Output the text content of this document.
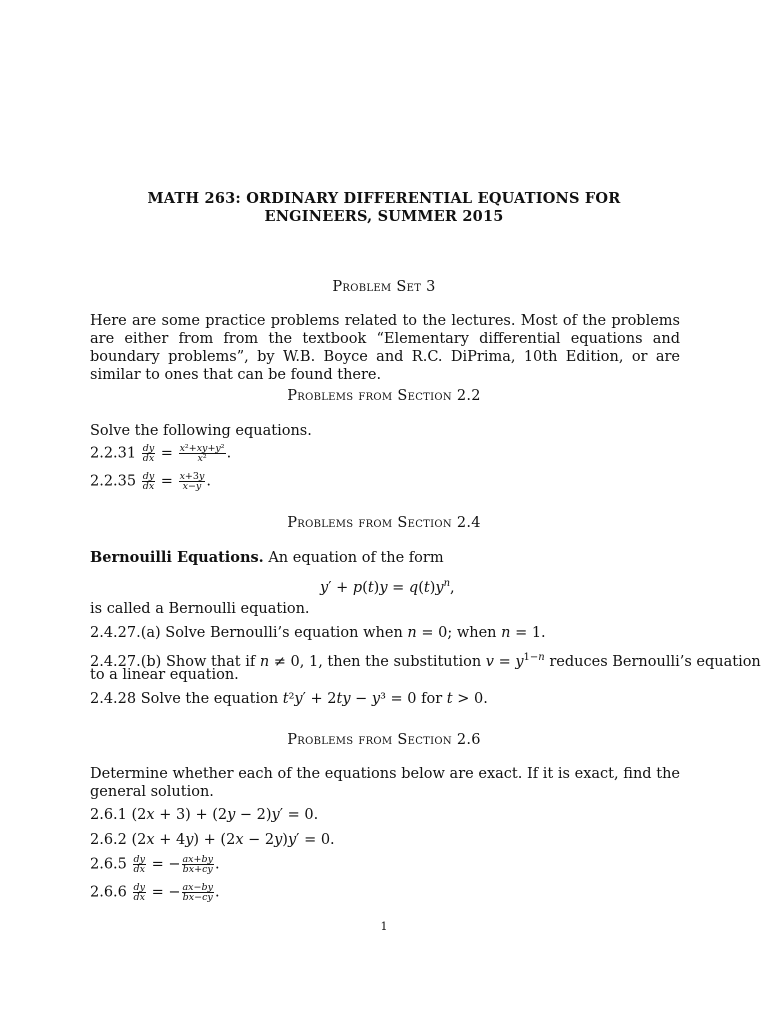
MATH 263: ORDINARY DIFFERENTIAL EQUATIONS FOR
ENGINEERS, SUMMER 2015
Problem Set 3
Here are some practice problems related to the lectures. Most of the problems are either from from the textbook “Elementary differential equations and boundary problems”, by W.B. Boyce and R.C. DiPrima, 10th Edition, or are similar to ones that can be found there.
Problems from Section 2.2
Solve the following equations.
$2.2.31 \frac{dy}{dx} = \frac{\text{x²+xy+y²}}{\text{x²}}$ .
$2.2.35 \frac{dy}{dx} = \frac{x+3y}{x-y}$ .
Problems from Section 2.4
Bernouilli Equations. An equation of the form
$y' + p(t)y = q(t)y^n$,
is called a Bernoulli equation.
2.4.27.(a) Solve Bernoulli’s equation when n = 0; when n = 1.
2.4.27.(b) Show that if n ≠ 0, 1, then the substitution $v = y^{1-n}$ reduces Bernoulli’s equation
to a linear equation.
2.4.28 Solve the equation t²y′ + 2ty − y³ = 0 for t > 0.
Problems from Section 2.6
Determine whether each of the equations below are exact. If it is exact, find the general solution.
2.6.1 (2x + 3) + (2y − 2)y′ = 0.
2.6.2 (2x + 4y) + (2x − 2y)y′ = 0.
$2.6.5 \frac{dy}{dx}$ = − $\frac{ax+by}{bx+cy}$ .
$2.6.6 \frac{dy}{dx}$ = − $\frac{ax-by}{bx-cy}$ .
1
